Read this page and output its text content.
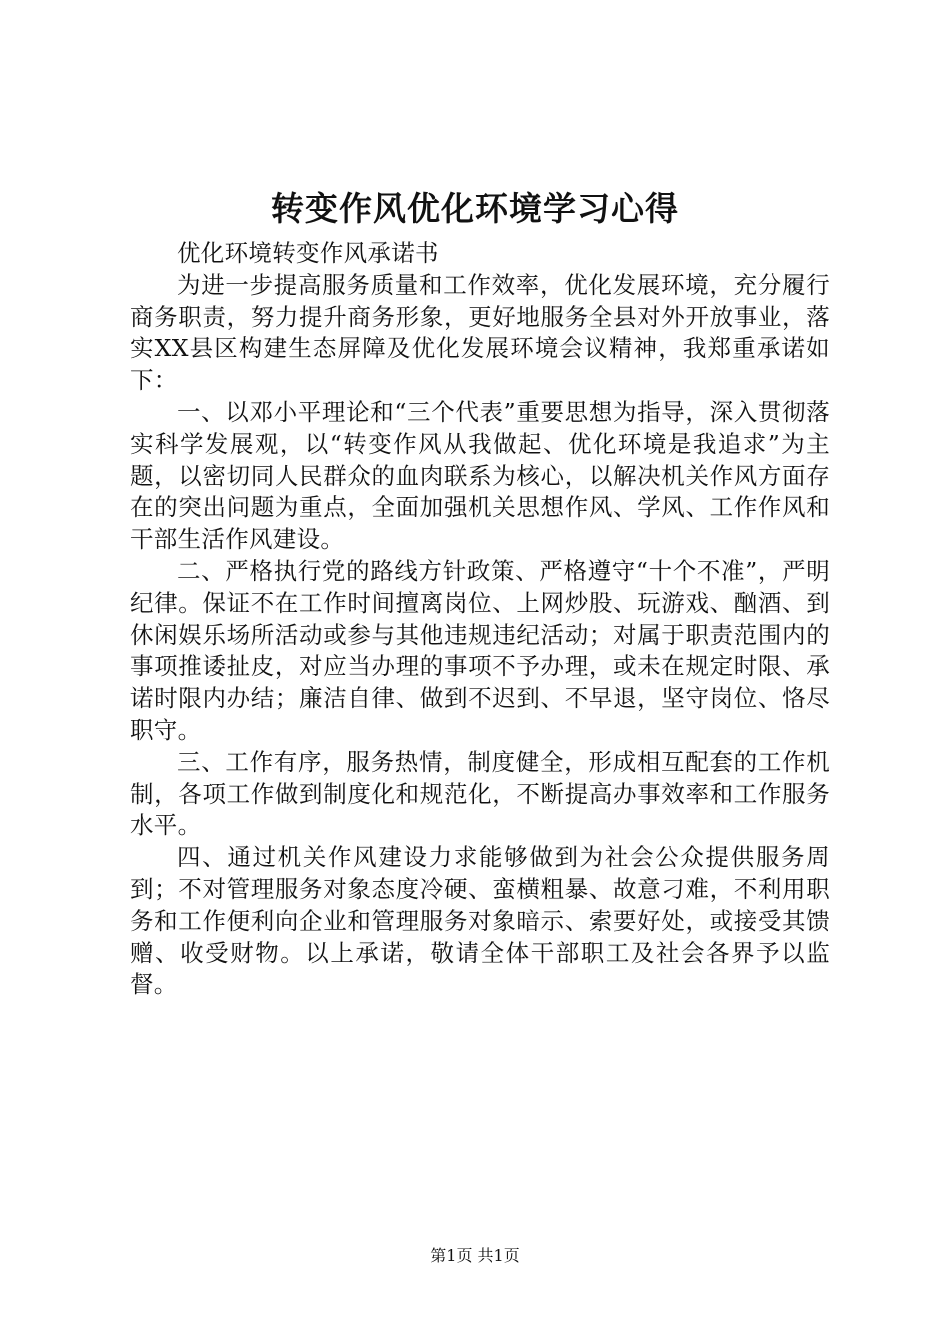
转变作风优化环境学习心得

优化环境转变作风承诺书

为进一步提高服务质量和工作效率，优化发展环境，充分履行商务职责，努力提升商务形象，更好地服务全县对外开放事业，落实XX县区构建生态屏障及优化发展环境会议精神，我郑重承诺如下：

一、以邓小平理论和“三个代表”重要思想为指导，深入贯彻落实科学发展观，以“转变作风从我做起、优化环境是我追求”为主题，以密切同人民群众的血肉联系为核心，以解决机关作风方面存在的突出问题为重点，全面加强机关思想作风、学风、工作作风和干部生活作风建设。

二、严格执行党的路线方针政策、严格遵守“十个不准”，严明纪律。保证不在工作时间擅离岗位、上网炒股、玩游戏、酗酒、到休闲娱乐场所活动或参与其他违规违纪活动；对属于职责范围内的事项推诿扯皮，对应当办理的事项不予办理，或未在规定时限、承诺时限内办结；廉洁自律、做到不迟到、不早退，坚守岗位、恪尽职守。

三、工作有序，服务热情，制度健全，形成相互配套的工作机制，各项工作做到制度化和规范化，不断提高办事效率和工作服务水平。

四、通过机关作风建设力求能够做到为社会公众提供服务周到；不对管理服务对象态度冷硬、蛮横粗暴、故意刁难，不利用职务和工作便利向企业和管理服务对象暗示、索要好处，或接受其馈赠、收受财物。以上承诺，敬请全体干部职工及社会各界予以监督。

第1页 共1页
